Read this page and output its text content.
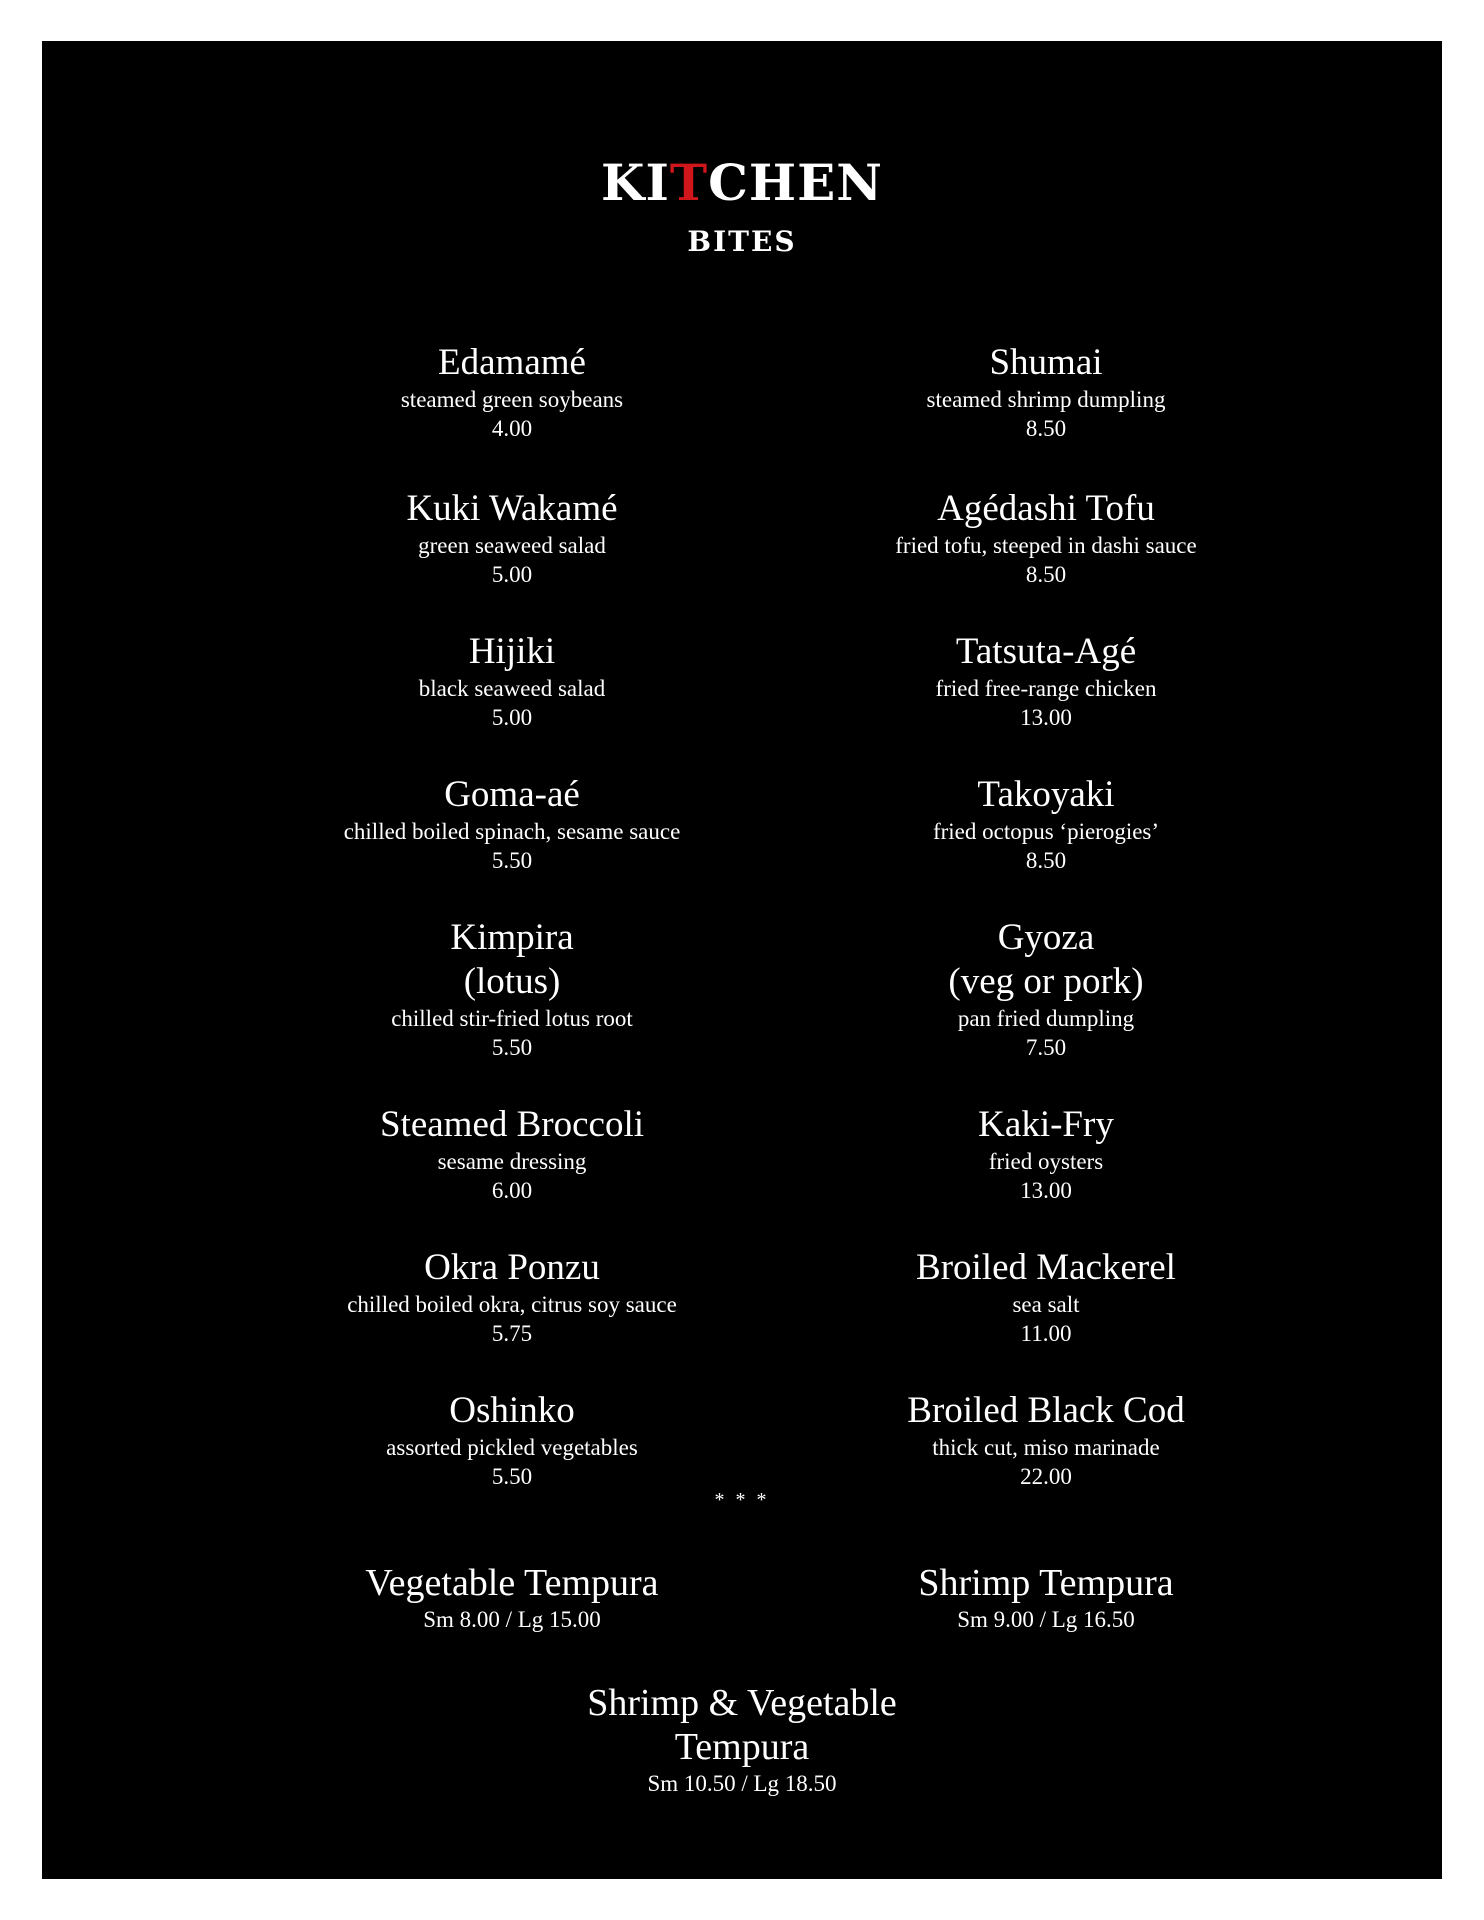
KITCHEN
BITES
Edamamé
steamed green soybeans
4.00
Kuki Wakamé
green seaweed salad
5.00
Hijiki
black seaweed salad
5.00
Goma-aé
chilled boiled spinach, sesame sauce
5.50
Kimpira
(lotus)
chilled stir-fried lotus root
5.50
Steamed Broccoli
sesame dressing
6.00
Okra Ponzu
chilled boiled okra, citrus soy sauce
5.75
Oshinko
assorted pickled vegetables
5.50
Shumai
steamed shrimp dumpling
8.50
Agédashi Tofu
fried tofu, steeped in dashi sauce
8.50
Tatsuta-Agé
fried free-range chicken
13.00
Takoyaki
fried octopus ‘pierogies’
8.50
Gyoza
(veg or pork)
pan fried dumpling
7.50
Kaki-Fry
fried oysters
13.00
Broiled Mackerel
sea salt
11.00
Broiled Black Cod
thick cut, miso marinade
22.00
* * *
Vegetable Tempura
Sm 8.00 / Lg 15.00
Shrimp Tempura
Sm 9.00 / Lg 16.50
Shrimp & Vegetable
Tempura
Sm 10.50 / Lg 18.50
